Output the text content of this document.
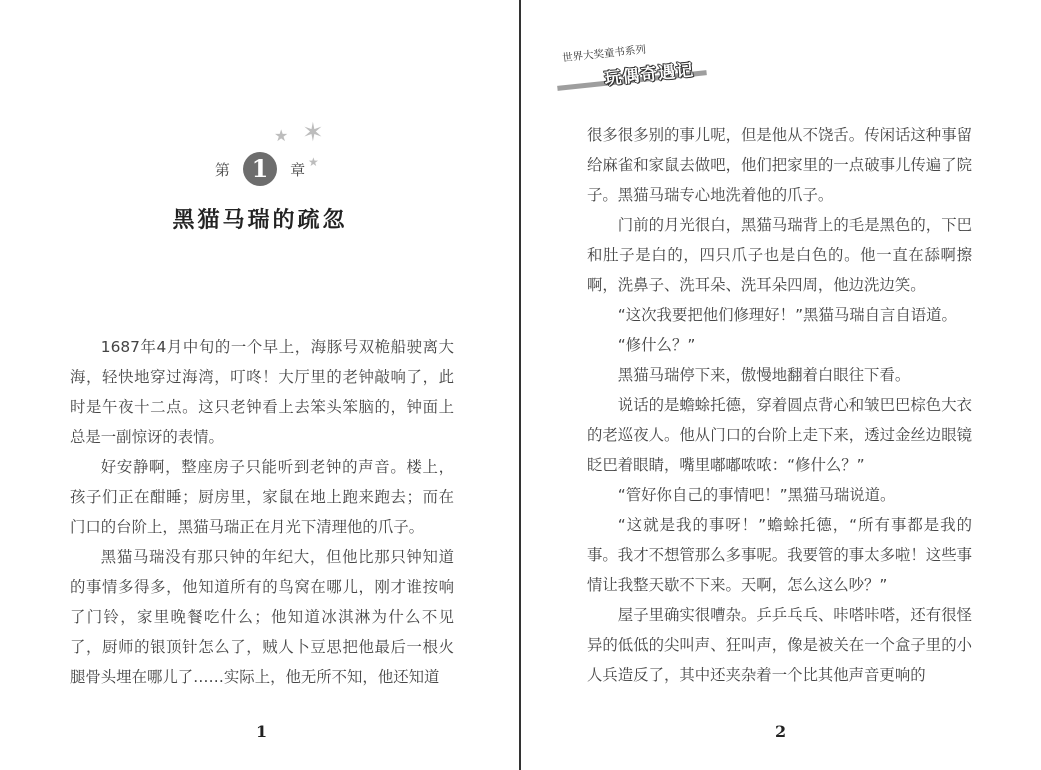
★ ✶
★
第 1 章
黑猫马瑞的疏忽

1687年4月中旬的一个早上，海豚号双桅船驶离大海，轻快地穿过海湾，叮咚！大厅里的老钟敲响了，此时是午夜十二点。这只老钟看上去笨头笨脑的，钟面上总是一副惊讶的表情。

好安静啊，整座房子只能听到老钟的声音。楼上，孩子们正在酣睡；厨房里，家鼠在地上跑来跑去；而在门口的台阶上，黑猫马瑞正在月光下清理他的爪子。

黑猫马瑞没有那只钟的年纪大，但他比那只钟知道的事情多得多，他知道所有的鸟窝在哪儿，刚才谁按响了门铃，家里晚餐吃什么；他知道冰淇淋为什么不见了，厨师的银顶针怎么了，贼人卜豆思把他最后一根火腿骨头埋在哪儿了……实际上，他无所不知，他还知道

世界大奖童书系列
玩偶奇遇记

很多很多别的事儿呢，但是他从不饶舌。传闲话这种事留给麻雀和家鼠去做吧，他们把家里的一点破事儿传遍了院子。黑猫马瑞专心地洗着他的爪子。

门前的月光很白，黑猫马瑞背上的毛是黑色的，下巴和肚子是白的，四只爪子也是白色的。他一直在舔啊擦啊，洗鼻子、洗耳朵、洗耳朵四周，他边洗边笑。

“这次我要把他们修理好！”黑猫马瑞自言自语道。

“修什么？”

黑猫马瑞停下来，傲慢地翻着白眼往下看。

说话的是蟾蜍托德，穿着圆点背心和皱巴巴棕色大衣的老巡夜人。他从门口的台阶上走下来，透过金丝边眼镜眨巴着眼睛，嘴里嘟嘟哝哝：“修什么？”

“管好你自己的事情吧！”黑猫马瑞说道。

“这就是我的事呀！”蟾蜍托德，“所有事都是我的事。我才不想管那么多事呢。我要管的事太多啦！这些事情让我整天歇不下来。天啊，怎么这么吵？”

屋子里确实很嘈杂。乒乒乓乓、咔嗒咔嗒，还有很怪异的低低的尖叫声、狂叫声，像是被关在一个盒子里的小人兵造反了，其中还夹杂着一个比其他声音更响的

1	2
